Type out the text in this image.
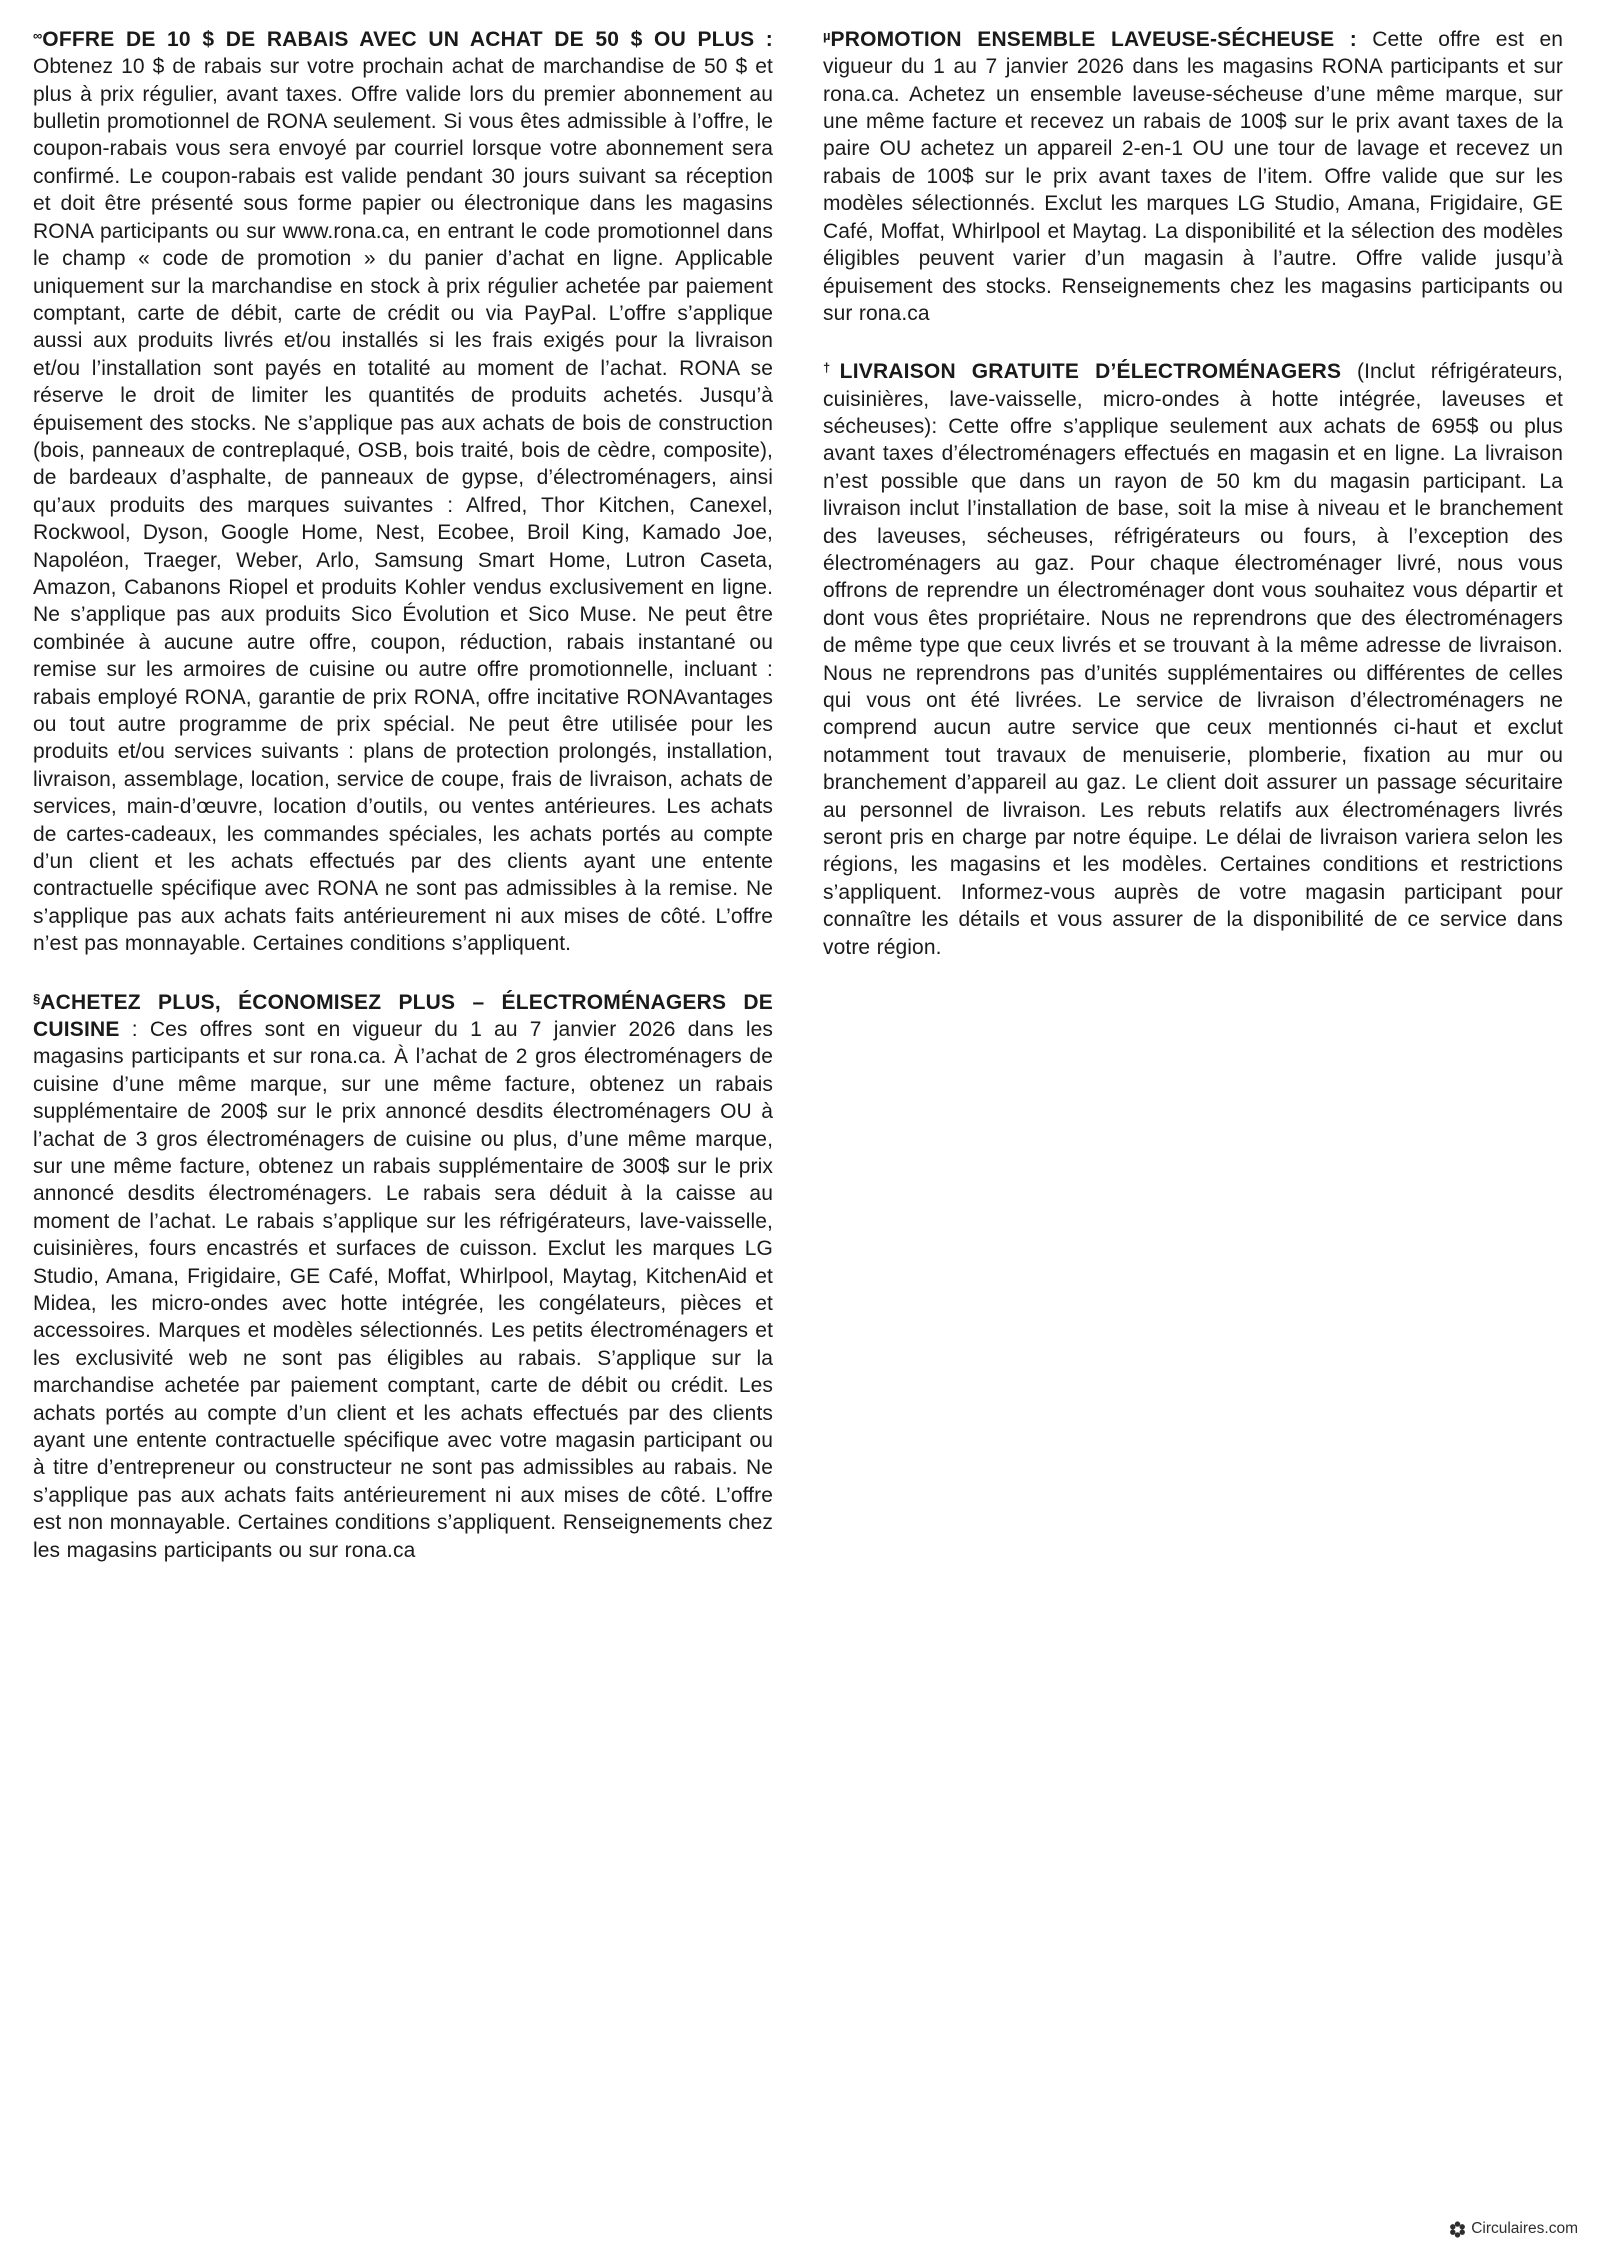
∞OFFRE DE 10 $ DE RABAIS AVEC UN ACHAT DE 50 $ OU PLUS : Obtenez 10 $ de rabais sur votre prochain achat de marchandise de 50 $ et plus à prix régulier, avant taxes. Offre valide lors du premier abonnement au bulletin promotionnel de RONA seulement. Si vous êtes admissible à l’offre, le coupon-rabais vous sera envoyé par courriel lorsque votre abonnement sera confirmé. Le coupon-rabais est valide pendant 30 jours suivant sa réception et doit être présenté sous forme papier ou électronique dans les magasins RONA participants ou sur www.rona.ca, en entrant le code promotionnel dans le champ « code de promotion » du panier d’achat en ligne. Applicable uniquement sur la marchandise en stock à prix régulier achetée par paiement comptant, carte de débit, carte de crédit ou via PayPal. L’offre s’applique aussi aux produits livrés et/ou installés si les frais exigés pour la livraison et/ou l’installation sont payés en totalité au moment de l’achat. RONA se réserve le droit de limiter les quantités de produits achetés. Jusqu’à épuisement des stocks. Ne s’applique pas aux achats de bois de construction (bois, panneaux de contreplaqué, OSB, bois traité, bois de cèdre, composite), de bardeaux d’asphalte, de panneaux de gypse, d’électroménagers, ainsi qu’aux produits des marques suivantes : Alfred, Thor Kitchen, Canexel, Rockwool, Dyson, Google Home, Nest, Ecobee, Broil King, Kamado Joe, Napoléon, Traeger, Weber, Arlo, Samsung Smart Home, Lutron Caseta, Amazon, Cabanons Riopel et produits Kohler vendus exclusivement en ligne. Ne s’applique pas aux produits Sico Évolution et Sico Muse. Ne peut être combinée à aucune autre offre, coupon, réduction, rabais instantané ou remise sur les armoires de cuisine ou autre offre promotionnelle, incluant : rabais employé RONA, garantie de prix RONA, offre incitative RONAvantages ou tout autre programme de prix spécial. Ne peut être utilisée pour les produits et/ou services suivants : plans de protection prolongés, installation, livraison, assemblage, location, service de coupe, frais de livraison, achats de services, main-d’œuvre, location d’outils, ou ventes antérieures. Les achats de cartes-cadeaux, les commandes spéciales, les achats portés au compte d’un client et les achats effectués par des clients ayant une entente contractuelle spécifique avec RONA ne sont pas admissibles à la remise. Ne s’applique pas aux achats faits antérieurement ni aux mises de côté. L’offre n’est pas monnayable. Certaines conditions s’appliquent.

§ACHETEZ PLUS, ÉCONOMISEZ PLUS – ÉLECTROMÉNAGERS DE CUISINE : Ces offres sont en vigueur du 1 au 7 janvier 2026 dans les magasins participants et sur rona.ca. À l’achat de 2 gros électroménagers de cuisine d’une même marque, sur une même facture, obtenez un rabais supplémentaire de 200$ sur le prix annoncé desdits électroménagers OU à l’achat de 3 gros électroménagers de cuisine ou plus, d’une même marque, sur une même facture, obtenez un rabais supplémentaire de 300$ sur le prix annoncé desdits électroménagers. Le rabais sera déduit à la caisse au moment de l’achat. Le rabais s’applique sur les réfrigérateurs, lave-vaisselle, cuisinières, fours encastrés et surfaces de cuisson. Exclut les marques LG Studio, Amana, Frigidaire, GE Café, Moffat, Whirlpool, Maytag, KitchenAid et Midea, les micro-ondes avec hotte intégrée, les congélateurs, pièces et accessoires. Marques et modèles sélectionnés. Les petits électroménagers et les exclusivité web ne sont pas éligibles au rabais. S’applique sur la marchandise achetée par paiement comptant, carte de débit ou crédit. Les achats portés au compte d’un client et les achats effectués par des clients ayant une entente contractuelle spécifique avec votre magasin participant ou à titre d’entrepreneur ou constructeur ne sont pas admissibles au rabais. Ne s’applique pas aux achats faits antérieurement ni aux mises de côté. L’offre est non monnayable. Certaines conditions s’appliquent. Renseignements chez les magasins participants ou sur rona.ca

$^\mu$PROMOTION ENSEMBLE LAVEUSE-SÉCHEUSE : Cette offre est en vigueur du 1 au 7 janvier 2026 dans les magasins RONA participants et sur rona.ca. Achetez un ensemble laveuse-sécheuse d’une même marque, sur une même facture et recevez un rabais de 100$ sur le prix avant taxes de la paire OU achetez un appareil 2-en-1 OU une tour de lavage et recevez un rabais de 100$ sur le prix avant taxes de l’item. Offre valide que sur les modèles sélectionnés. Exclut les marques LG Studio, Amana, Frigidaire, GE Café, Moffat, Whirlpool et Maytag. La disponibilité et la sélection des modèles éligibles peuvent varier d’un magasin à l’autre. Offre valide jusqu’à épuisement des stocks. Renseignements chez les magasins participants ou sur rona.ca

†LIVRAISON GRATUITE D’ÉLECTROMÉNAGERS (Inclut réfrigérateurs, cuisinières, lave-vaisselle, micro-ondes à hotte intégrée, laveuses et sécheuses): Cette offre s’applique seulement aux achats de 695$ ou plus avant taxes d’électroménagers effectués en magasin et en ligne. La livraison n’est possible que dans un rayon de 50 km du magasin participant. La livraison inclut l’installation de base, soit la mise à niveau et le branchement des laveuses, sécheuses, réfrigérateurs ou fours, à l’exception des électroménagers au gaz. Pour chaque électroménager livré, nous vous offrons de reprendre un électroménager dont vous souhaitez vous départir et dont vous êtes propriétaire. Nous ne reprendrons que des électroménagers de même type que ceux livrés et se trouvant à la même adresse de livraison. Nous ne reprendrons pas d’unités supplémentaires ou différentes de celles qui vous ont été livrées. Le service de livraison d’électroménagers ne comprend aucun autre service que ceux mentionnés ci-haut et exclut notamment tout travaux de menuiserie, plomberie, fixation au mur ou branchement d’appareil au gaz. Le client doit assurer un passage sécuritaire au personnel de livraison. Les rebuts relatifs aux électroménagers livrés seront pris en charge par notre équipe. Le délai de livraison variera selon les régions, les magasins et les modèles. Certaines conditions et restrictions s’appliquent. Informez-vous auprès de votre magasin participant pour connaître les détails et vous assurer de la disponibilité de ce service dans votre région.

Circulaires.com
